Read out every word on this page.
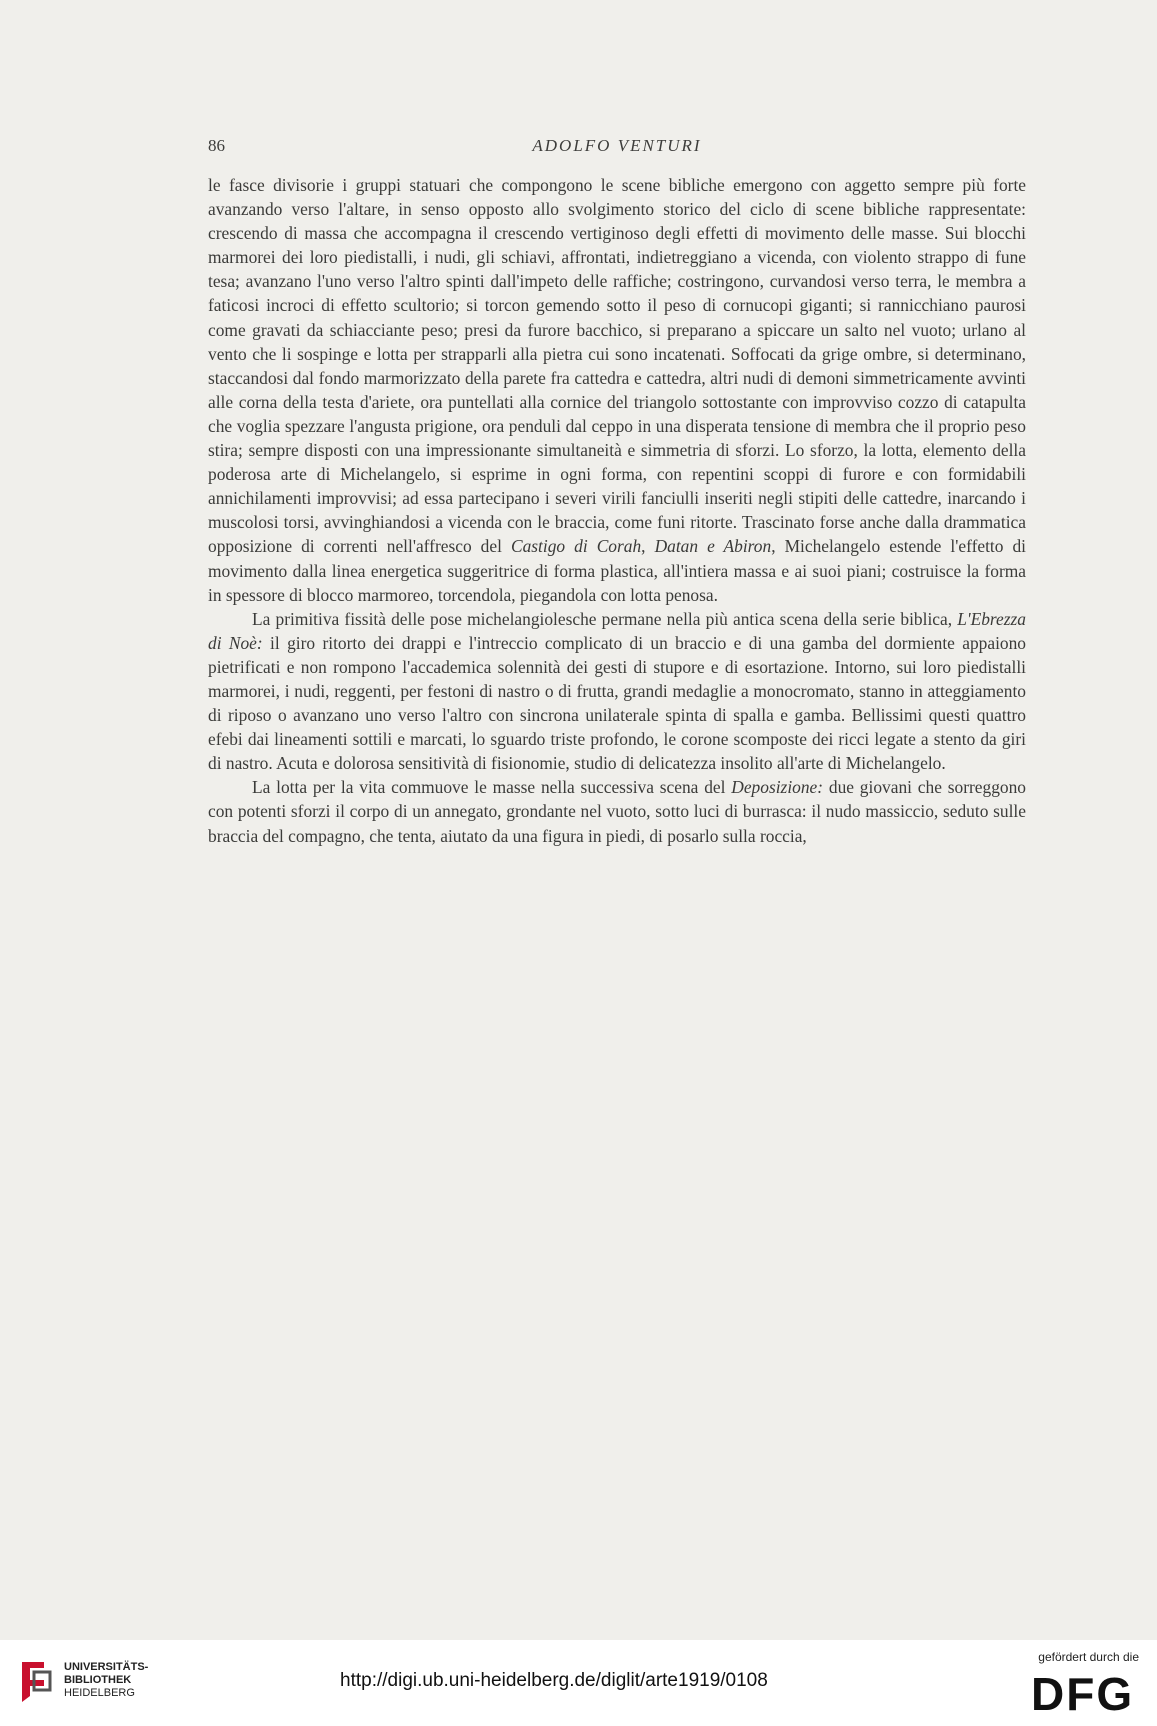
86	ADOLFO VENTURI

le fasce divisorie i gruppi statuari che compongono le scene bibliche emergono con aggetto sempre più forte avanzando verso l'altare, in senso opposto allo svolgimento storico del ciclo di scene bibliche rappresentate: crescendo di massa che accompagna il crescendo vertiginoso degli effetti di movimento delle masse. Sui blocchi marmorei dei loro piedistalli, i nudi, gli schiavi, affrontati, indietreggiano a vicenda, con violento strappo di fune tesa; avanzano l'uno verso l'altro spinti dall'impeto delle raffiche; costringono, curvandosi verso terra, le membra a faticosi incroci di effetto scultorio; si torcon gemendo sotto il peso di cornucopi giganti; si rannicchiano paurosi come gravati da schiacciante peso; presi da furore bacchico, si preparano a spiccare un salto nel vuoto; urlano al vento che li sospinge e lotta per strapparli alla pietra cui sono incatenati. Soffocati da grige ombre, si determinano, staccandosi dal fondo marmorizzato della parete fra cattedra e cattedra, altri nudi di demoni simmetricamente avvinti alle corna della testa d'ariete, ora puntellati alla cornice del triangolo sottostante con improvviso cozzo di catapulta che voglia spezzare l'angusta prigione, ora penduli dal ceppo in una disperata tensione di membra che il proprio peso stira; sempre disposti con una impressionante simultaneità e simmetria di sforzi. Lo sforzo, la lotta, elemento della poderosa arte di Michelangelo, si esprime in ogni forma, con repentini scoppi di furore e con formidabili annichilamenti improvvisi; ad essa partecipano i severi virili fanciulli inseriti negli stipiti delle cattedre, inarcando i muscolosi torsi, avvinghiandosi a vicenda con le braccia, come funi ritorte. Trascinato forse anche dalla drammatica opposizione di correnti nell'affresco del Castigo di Corah, Datan e Abiron, Michelangelo estende l'effetto di movimento dalla linea energetica suggeritrice di forma plastica, all'intiera massa e ai suoi piani; costruisce la forma in spessore di blocco marmoreo, torcendola, piegandola con lotta penosa.

La primitiva fissità delle pose michelangiolesche permane nella più antica scena della serie biblica, L'Ebrezza di Noè: il giro ritorto dei drappi e l'intreccio complicato di un braccio e di una gamba del dormiente appaiono pietrificati e non rompono l'accademica solennità dei gesti di stupore e di esortazione. Intorno, sui loro piedistalli marmorei, i nudi, reggenti, per festoni di nastro o di frutta, grandi medaglie a monocromato, stanno in atteggiamento di riposo o avanzano uno verso l'altro con sincrona unilaterale spinta di spalla e gamba. Bellissimi questi quattro efebi dai lineamenti sottili e marcati, lo sguardo triste profondo, le corone scomposte dei ricci legate a stento da giri di nastro. Acuta e dolorosa sensitività di fisionomie, studio di delicatezza insolito all'arte di Michelangelo.

La lotta per la vita commuove le masse nella successiva scena del Deposizione: due giovani che sorreggono con potenti sforzi il corpo di un annegato, grondante nel vuoto, sotto luci di burrasca: il nudo massiccio, seduto sulle braccia del compagno, che tenta, aiutato da una figura in piedi, di posarlo sulla roccia,

UNIVERSITÄTS-
BIBLIOTHEK
HEIDELBERG
http://digi.ub.uni-heidelberg.de/diglit/arte1919/0108
gefördert durch die
DFG
